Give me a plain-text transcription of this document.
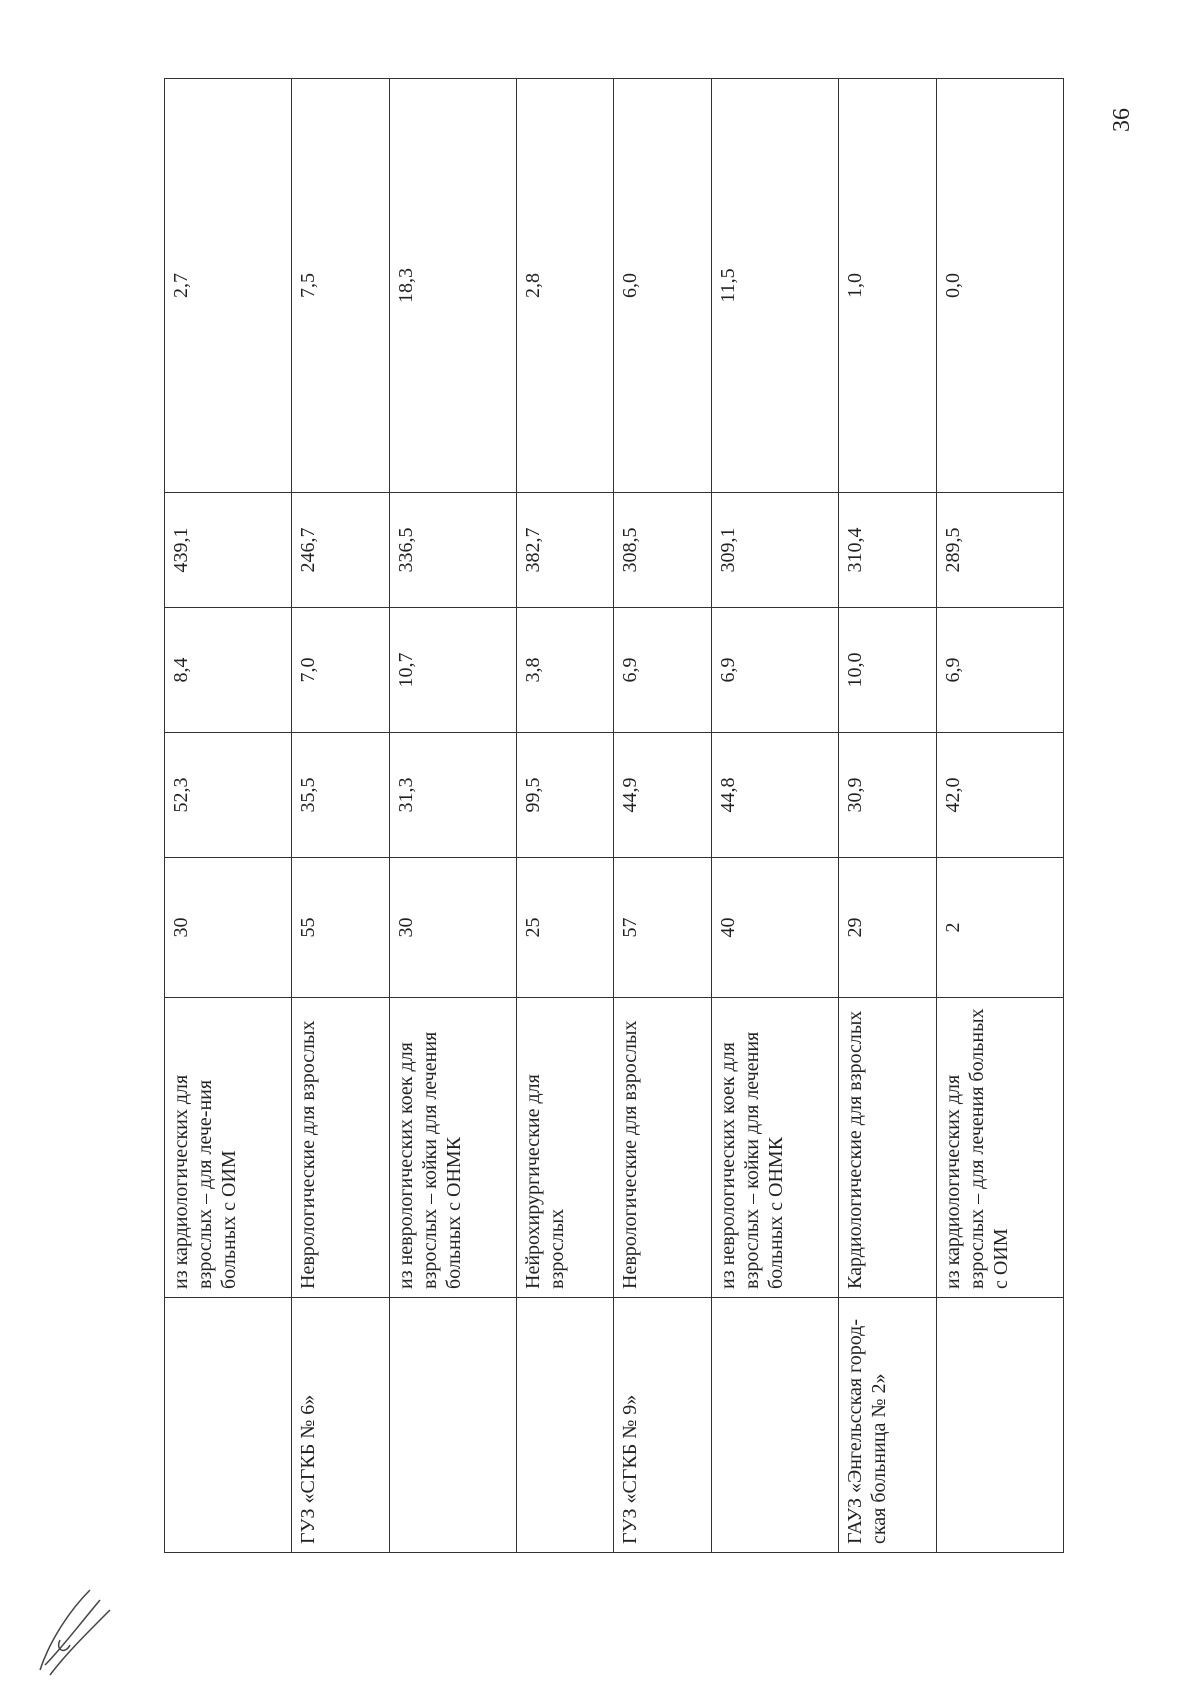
36
	из кардиологических для взрослых – для лече-ния больных с ОИМ	30	52,3	8,4	439,1	2,7
ГУЗ «СГКБ № 6»	Неврологические для взрослых	55	35,5	7,0	246,7	7,5
	из неврологических коек для взрослых – койки для лечения больных с ОНМК	30	31,3	10,7	336,5	18,3
	Нейрохирургические для взрослых	25	99,5	3,8	382,7	2,8
ГУЗ «СГКБ № 9»	Неврологические для взрослых	57	44,9	6,9	308,5	6,0
	из неврологических коек для взрослых – койки для лечения больных с ОНМК	40	44,8	6,9	309,1	11,5
ГАУЗ «Энгельсская город-ская больница № 2»	Кардиологические для взрослых	29	30,9	10,0	310,4	1,0
	из кардиологических для взрослых – для лечения больных с ОИМ	2	42,0	6,9	289,5	0,0
